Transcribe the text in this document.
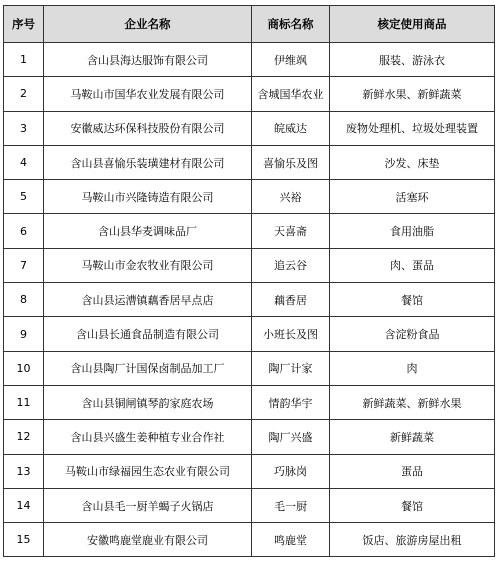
序号	企业名称	商标名称	核定使用商品
1	含山县海达服饰有限公司	伊维飒	服装、游泳衣
2	马鞍山市国华农业发展有限公司	含城国华农业	新鲜水果、新鲜蔬菜
3	安徽威达环保科技股份有限公司	皖威达	废物处理机、垃圾处理装置
4	含山县喜愉乐装璜建材有限公司	喜愉乐及图	沙发、床垫
5	马鞍山市兴隆铸造有限公司	兴裕	活塞环
6	含山县华麦调味品厂	天喜斋	食用油脂
7	马鞍山市金农牧业有限公司	追云谷	肉、蛋品
8	含山县运漕镇藕香居早点店	藕香居	餐馆
9	含山县长通食品制造有限公司	小班长及图	含淀粉食品
10	含山县陶厂计国保卤制品加工厂	陶厂计家	肉
11	含山县铜闸镇琴韵家庭农场	情韵华宇	新鲜蔬菜、新鲜水果
12	含山县兴盛生姜种植专业合作社	陶厂兴盛	新鲜蔬菜
13	马鞍山市绿福园生态农业有限公司	巧脉岗	蛋品
14	含山县毛一厨羊蝎子火锅店	毛一厨	餐馆
15	安徽鸣鹿堂鹿业有限公司	鸣鹿堂	饭店、旅游房屋出租
